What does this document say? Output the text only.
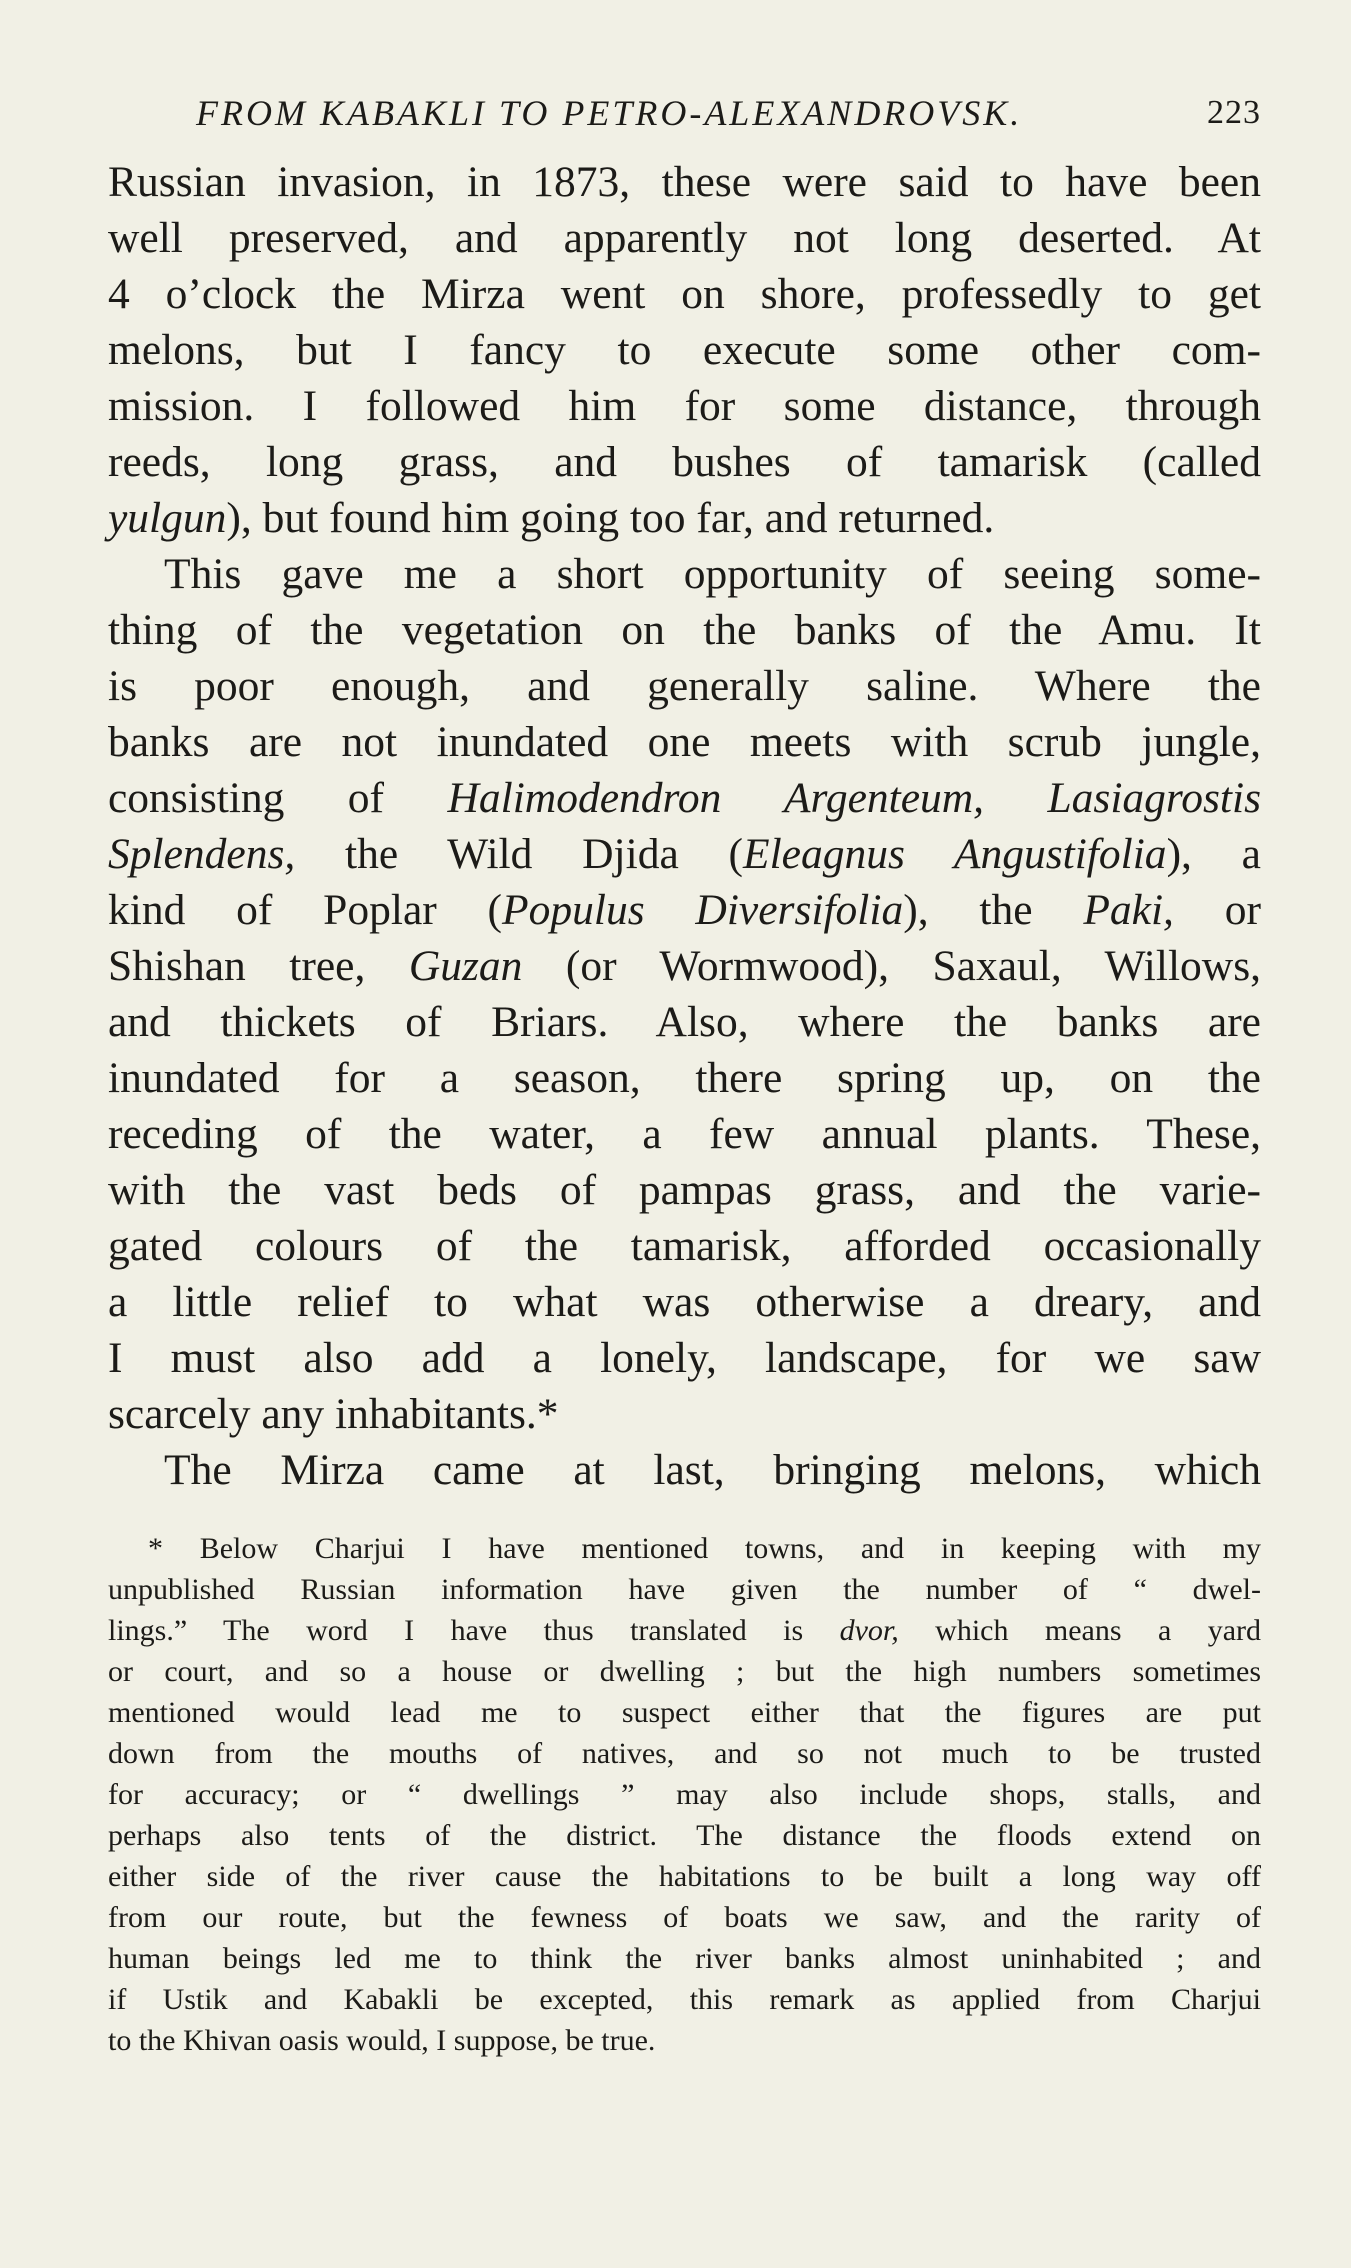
FROM KABAKLI TO PETRO-ALEXANDROVSK.	223
Russian invasion, in 1873, these were said to have been
well preserved, and apparently not long deserted. At
4 o’clock the Mirza went on shore, professedly to get
melons, but I fancy to execute some other com-
mission. I followed him for some distance, through
reeds, long grass, and bushes of tamarisk (called
yulgun), but found him going too far, and returned.
This gave me a short opportunity of seeing some-
thing of the vegetation on the banks of the Amu. It
is poor enough, and generally saline. Where the
banks are not inundated one meets with scrub jungle,
consisting of Halimodendron Argenteum, Lasiagrostis
Splendens, the Wild Djida (Eleagnus Angustifolia), a
kind of Poplar (Populus Diversifolia), the Paki, or
Shishan tree, Guzan (or Wormwood), Saxaul, Willows,
and thickets of Briars. Also, where the banks are
inundated for a season, there spring up, on the
receding of the water, a few annual plants. These,
with the vast beds of pampas grass, and the varie-
gated colours of the tamarisk, afforded occasionally
a little relief to what was otherwise a dreary, and
I must also add a lonely, landscape, for we saw
scarcely any inhabitants.*
The Mirza came at last, bringing melons, which
* Below Charjui I have mentioned towns, and in keeping with my
unpublished Russian information have given the number of “ dwel-
lings.” The word I have thus translated is dvor, which means a yard
or court, and so a house or dwelling ; but the high numbers sometimes
mentioned would lead me to suspect either that the figures are put
down from the mouths of natives, and so not much to be trusted
for accuracy; or “ dwellings ” may also include shops, stalls, and
perhaps also tents of the district. The distance the floods extend on
either side of the river cause the habitations to be built a long way off
from our route, but the fewness of boats we saw, and the rarity of
human beings led me to think the river banks almost uninhabited ; and
if Ustik and Kabakli be excepted, this remark as applied from Charjui
to the Khivan oasis would, I suppose, be true.
